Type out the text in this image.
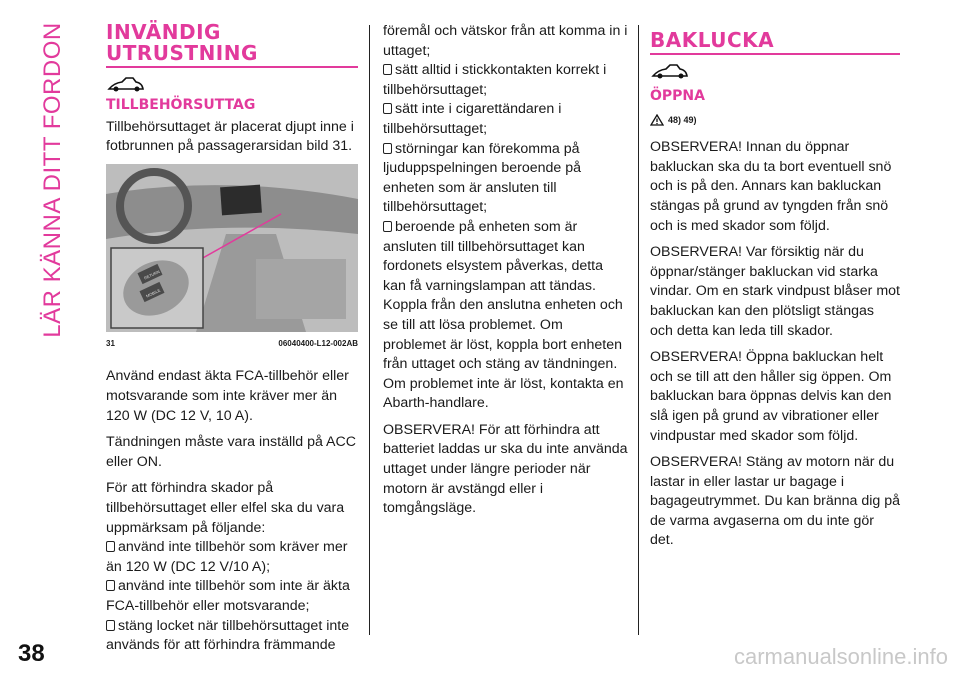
LÄR KÄNNA DITT FORDON INVÄNDIG UTRUSTNING
TILLBEHÖRSUTTAG

Tillbehörsuttaget är placerat djupt inne i fotbrunnen på passagerarsidan bild 31.

RETURN
MOBILE
31	06040400-L12-002AB

Använd endast äkta FCA-tillbehör eller motsvarande som inte kräver mer än 120 W (DC 12 V, 10 A).

Tändningen måste vara inställd på ACC eller ON.

För att förhindra skador på tillbehörsuttaget eller elfel ska du vara uppmärksam på följande:

använd inte tillbehör som kräver mer än 120 W (DC 12 V/10 A);
använd inte tillbehör som inte är äkta FCA-tillbehör eller motsvarande;
stäng locket när tillbehörsuttaget inte används för att förhindra främmande
föremål och vätskor från att komma in i uttaget;
sätt alltid i stickkontakten korrekt i tillbehörsuttaget;
sätt inte i cigarettändaren i tillbehörsuttaget;
störningar kan förekomma på ljuduppspelningen beroende på enheten som är ansluten till tillbehörsuttaget;
beroende på enheten som är ansluten till tillbehörsuttaget kan fordonets elsystem påverkas, detta kan få varningslampan att tändas. Koppla från den anslutna enheten och se till att lösa problemet. Om problemet är löst, koppla bort enheten från uttaget och stäng av tändningen. Om problemet inte är löst, kontakta en Abarth-handlare.

OBSERVERA! För att förhindra att batteriet laddas ur ska du inte använda uttaget under längre perioder när motorn är avstängd eller i tomgångsläge.

BAKLUCKA
ÖPPNA
48) 49)

OBSERVERA! Innan du öppnar bakluckan ska du ta bort eventuell snö och is på den. Annars kan bakluckan stängas på grund av tyngden från snö och is med skador som följd.

OBSERVERA! Var försiktig när du öppnar/stänger bakluckan vid starka vindar. Om en stark vindpust blåser mot bakluckan kan den plötsligt stängas och detta kan leda till skador.

OBSERVERA! Öppna bakluckan helt och se till att den håller sig öppen. Om bakluckan bara öppnas delvis kan den slå igen på grund av vibrationer eller vindpustar med skador som följd.

OBSERVERA! Stäng av motorn när du lastar in eller lastar ur bagage i bagageutrymmet. Du kan bränna dig på de varma avgaserna om du inte gör det.

38	carmanualsonline.info
